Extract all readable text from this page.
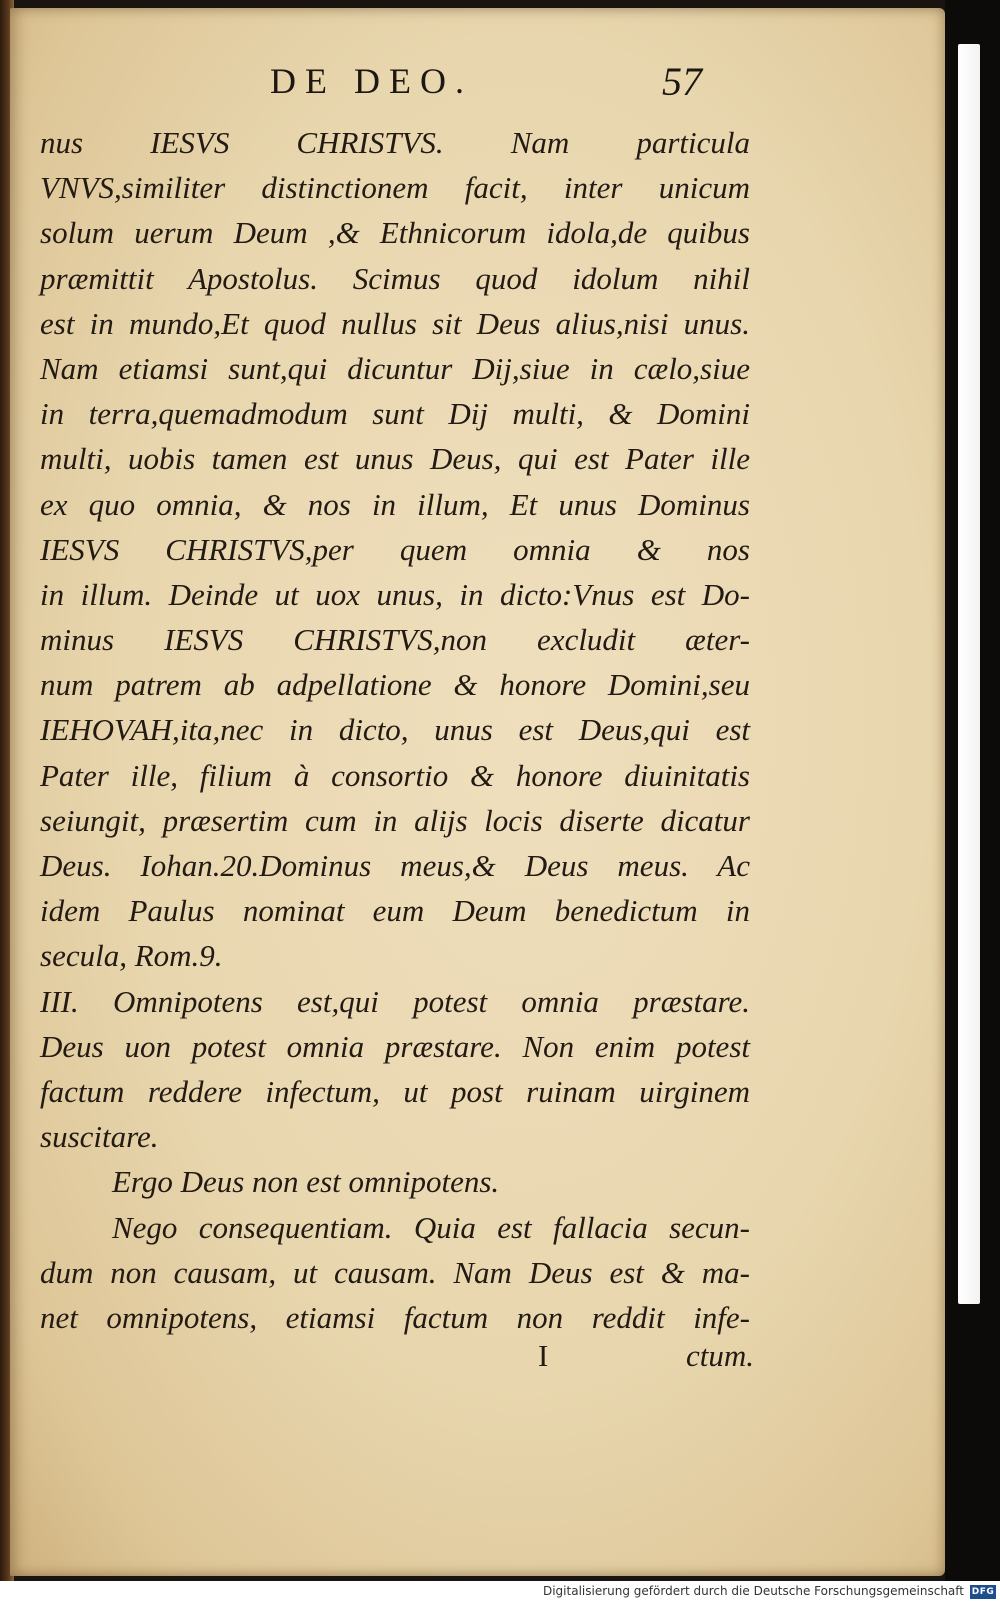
DE DEO.	57
nus IESVS CHRISTVS. Nam particula
VNVS,similiter distinctionem facit, inter unicum
solum uerum Deum ,& Ethnicorum idola,de quibus
præmittit Apostolus. Scimus quod idolum nihil
est in mundo,Et quod nullus sit Deus alius,nisi unus.
Nam etiamsi sunt,qui dicuntur Dij,siue in cælo,siue
in terra,quemadmodum sunt Dij multi, & Domini
multi, uobis tamen est unus Deus, qui est Pater ille
ex quo omnia, & nos in illum, Et unus Dominus
IESVS CHRISTVS,per quem omnia & nos
in illum. Deinde ut uox unus, in dicto:Vnus est Do-
minus IESVS CHRISTVS,non excludit æter-
num patrem ab adpellatione & honore Domini,seu
IEHOVAH,ita,nec in dicto, unus est Deus,qui est
Pater ille, filium à consortio & honore diuinitatis
seiungit, præsertim cum in alijs locis diserte dicatur
Deus. Iohan.20.Dominus meus,& Deus meus. Ac
idem Paulus nominat eum Deum benedictum in
secula, Rom.9.
III. Omnipotens est,qui potest omnia præstare.
Deus uon potest omnia præstare. Non enim potest
factum reddere infectum, ut post ruinam uirginem
suscitare.
Ergo Deus non est omnipotens.
Nego consequentiam. Quia est fallacia secun-
dum non causam, ut causam. Nam Deus est & ma-
net omnipotens, etiamsi factum non reddit infe-
I	ctum.
Digitalisierung gefördert durch die Deutsche Forschungsgemeinschaft DFG
